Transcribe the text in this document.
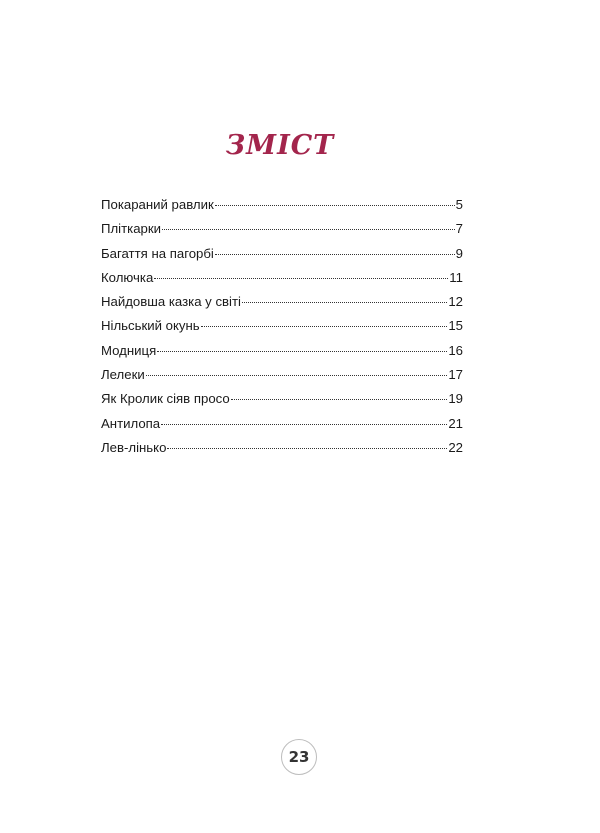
ЗМІСТ
Покараний равлик	5
Пліткарки	7
Багаття на пагорбі	9
Колючка	11
Найдовша казка у світі	12
Нільський окунь	15
Модниця	16
Лелеки	17
Як Кролик сіяв просо	19
Антилопа	21
Лев-лінько	22
23
